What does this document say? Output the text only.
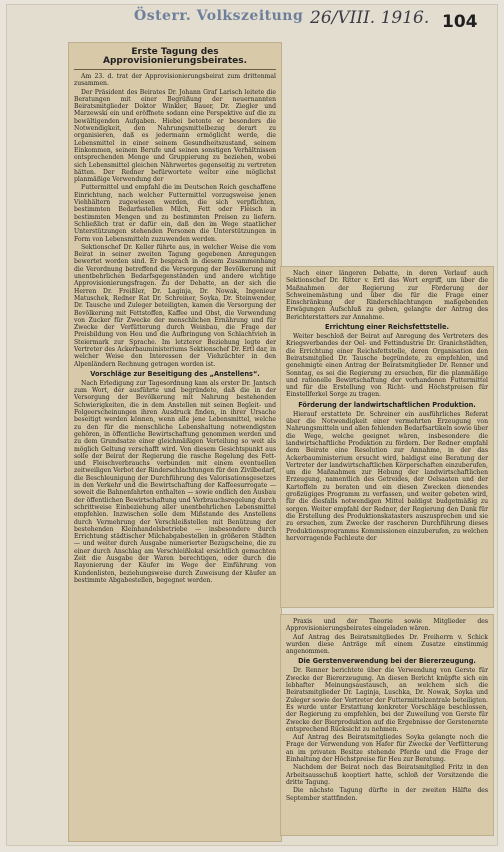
Österr. Volkszeitung 26/VIII. 1916. 104
Erste Tagung des Approvisionierungsbeirates.

Am 23. d. trat der Approvisionierungsbeirat zum drittenmal zusammen.

Der Präsident des Beirates Dr. Johann Graf Larisch leitete die Beratungen mit einer Begrüßung der neuernannten Beiratsmitglieder Doktor Winkler, Bauer, Dr. Ziegler und Marzewski ein und eröffnete sodann eine Perspektive auf die zu bewältigenden Aufgaben. Hiebei betonte er besonders die Notwendigkeit, den Nahrungsmittelbezug derart zu organisieren, daß es jedermann ermöglicht werde, die Lebensmittel in einer seinem Gesundheitszustand, seinem Einkommen, seinem Berufe und seinen sonstigen Verhältnissen entsprechenden Menge und Gruppierung zu beziehen, wobei sich Lebensmittel gleichen Nährwertes gegenseitig zu vertreten hätten. Der Redner befürwortete weiter eine möglichst planmäßige Verwendung der

Futtermittel und empfahl die im Deutschen Reich geschaffene Einrichtung, nach welcher Futtermittel vorzugsweise jenen Viehhältern zugewiesen werden, die sich verpflichten, bestimmten Bedarfsstellen Milch, Fett oder Fleisch in bestimmten Mengen und zu bestimmten Preisen zu liefern. Schließlich trat er dafür ein, daß den im Wege staatlicher Unterstützungen stehenden Personen die Unterstützungen in Form von Lebensmitteln zuzuwenden werden.

Sektionschef Dr. Keller führte aus, in welcher Weise die vom Beirat in seiner zweiten Tagung gegebenen Anregungen bewertet worden sind. Er besprach in diesem Zusammenhang die Verordnung betreffend die Versorgung der Bevölkerung mit unentbehrlichen Bedarfsgegenständen und andere wichtige Approvisionierungsfragen. Zu der Debatte, an der sich die Herren Dr. Freißler, Dr. Laginja, Dr. Nowak, Ingenieur Matuschek, Redner Rat Dr. Schreiner, Soyka, Dr. Steinwender, Dr. Tausche und Zuleger beteiligten, kamen die Versorgung der Bevölkerung mit Fettstoffen, Kaffee und Obst, die Verwendung von Zucker für Zwecke der menschlichen Ernährung und für Zwecke der Verfütterung durch Weinbau, die Frage der Preisbildung von Heu und die Aufbringung von Schlachtvieh in Steiermark zur Sprache. Im letzterer Beziehung legte der Vertreter des Ackerbauministeriums Sektionschef Dr. Ertl dar, in welcher Weise den Interessen der Viehzüchter in den Alpenländern Rechnung getragen worden ist.

Vorschläge zur Beseitigung des „Anstellens“.

Nach Erledigung zur Tagesordnung kam als erster Dr. Jantsch zum Wort, der ausführte und begründete, daß die in der Versorgung der Bevölkerung mit Nahrung bestehenden Schwierigkeiten, die in dem Anstellen mit seinen Begleit- und Folgeerscheinungen ihren Ausdruck finden, in ihrer Ursache beseitigt werden können, wenn alle jene Lebensmittel, welche zu den für die menschliche Lebenshaltung notwendigsten gehören, in öffentliche Bewirtschaftung genommen werden und zu dem Grundsatze einer gleichmäßigen Verteilung so weit als möglich Geltung verschafft wird. Von diesem Gesichtspunkt aus solle der Beirat der Regierung die rasche Regelung des Fett- und Fleischverbrauchs verbunden mit einem eventuellen zeitweiligen Verbot der Rinderschlachtungen für den Zivilbedarf, die Beschleunigung der Durchführung des Valorisationsgesetzes in den Verkehr und die Bewirtschaftung der Kaffeesurrogate — soweit die Bahnenfahrten enthalten — sowie endlich den Ausbau der öffentlichen Bewirtschaftung und Verbrauchsregelung durch schrittweise Einbeziehung aller unentbehrlichen Lebensmittel empfehlen. Inzwischen solle dem Mißstande des Anstellens durch Vermehrung der Verschleißstellen mit Benützung der bestehenden Kleinhandelsbetriebe — insbesondere durch Errichtung städtischer Milchabgabestellen in größeren Städten — und weiter durch Ausgabe numerierter Bezugscheine, die zu einer durch Anschlag am Verschleißlokal ersichtlich gemachten Zeit die Ausgabe der Waren berechtigen, oder durch die Rayonierung der Käufer im Wege der Einführung von Kundenlisten, beziehungsweise durch Zuweisung der Käufer an bestimmte Abgabestellen, begegnet werden.

Nach einer längeren Debatte, in deren Verlauf auch Sektionschef Dr. Ritter v. Ertl das Wort ergriff, um über die Maßnahmen der Regierung zur Förderung der Schweinemästung und über die für die Frage einer Einschränkung der Rinderschlachtungen maßgebenden Erwägungen Aufschluß zu geben, gelangte der Antrag des Berichterstatters zur Annahme.

Errichtung einer Reichsfettstelle.

Weiter beschloß der Beirat auf Anregung des Vertreters des Kriegsverbandes der Oel- und Fettindustrie Dr. Granichstädten, die Errichtung einer Reichsfettstelle, deren Organisation den Beiratsmitglied Dr. Tausche begründete, zu empfehlen, und genehmigte einen Antrag der Beiratsmitglieder Dr. Renner und Sonntag, es sei die Regierung zu ersuchen, für die planmäßige und rationelle Bewirtschaftung der vorhandenen Futtermittel und für die Erstellung von Richt- und Höchstpreisen für Einstellferkel Sorge zu tragen.

Förderung der landwirtschaftlichen Produktion.

Hierauf erstattete Dr. Schreiner ein ausführliches Referat über die Notwendigkeit einer vermehrten Erzeugung von Nahrungsmitteln und allen fehlenden Bedarfsartikeln sowie über die Wege, welche geeignet wären, insbesondere die landwirtschaftliche Produktion zu fördern. Der Redner empfahl dem Beirate eine Resolution zur Annahme, in der das Ackerbauministerium ersucht wird, baldigst eine Beratung der Vertreter der landwirtschaftlichen Körperschaften einzuberufen, um die Maßnahmen zur Hebung der landwirtschaftlichen Erzeugung, namentlich des Getreides, der Oelsaaten und der Kartoffeln zu beraten und ein diesen Zwecken dienendes großzügiges Programm zu verfassen, und weiter gebeten wird, für die diesfalls notwendigen Mittel baldigst budgetmäßig zu sorgen. Weiter empfahl der Redner, der Regierung den Dank für die Erstellung des Produktionskatasters auszusprechen und sie zu ersuchen, zum Zwecke der rascheren Durchführung dieses Produktionsprogramms Kommissionen einzuberufen, zu welchen hervorragende Fachleute der

Praxis und der Theorie sowie Mitglieder des Approvisionierungsbeirates eingeladen wären.

Auf Antrag des Beiratsmitgliedes Dr. Freiherrn v. Schick wurden diese Anträge mit einem Zusatze einstimmig angenommen.

Die Gerstenverwendung bei der Biererzeugung.

Dr. Renner berichtete über die Verwendung von Gerste für Zwecke der Biererzeugung. An diesen Bericht knüpfte sich ein lebhafter Meinungsaustausch, an welchem sich die Beiratsmitglieder Dr. Laginja, Luschka, Dr. Nowak, Soyka und Zuleger sowie der Vertreter der Futtermittelzentrale beteiligten. Es wurde unter Erstattung konkreter Vorschläge beschlossen, der Regierung zu empfehlen, bei der Zuweilung von Gerste für Zwecke der Bierproduktion auf die Ergebnisse der Gerstenernte entsprechend Rücksicht zu nehmen.

Auf Antrag des Beiratsmitgliedes Soyka gelangte noch die Frage der Verwendung von Hafer für Zwecke der Verfütterung an im privaten Besitze stehende Pferde und die Frage der Einhaltung der Höchstpreise für Heu zur Beratung.

Nachdem der Beirat noch das Beiratsmitglied Fritz in den Arbeitsausschuß kooptiert hatte, schloß der Vorsitzende die dritte Tagung.

Die nächste Tagung dürfte in der zweiten Hälfte des September stattfinden.
